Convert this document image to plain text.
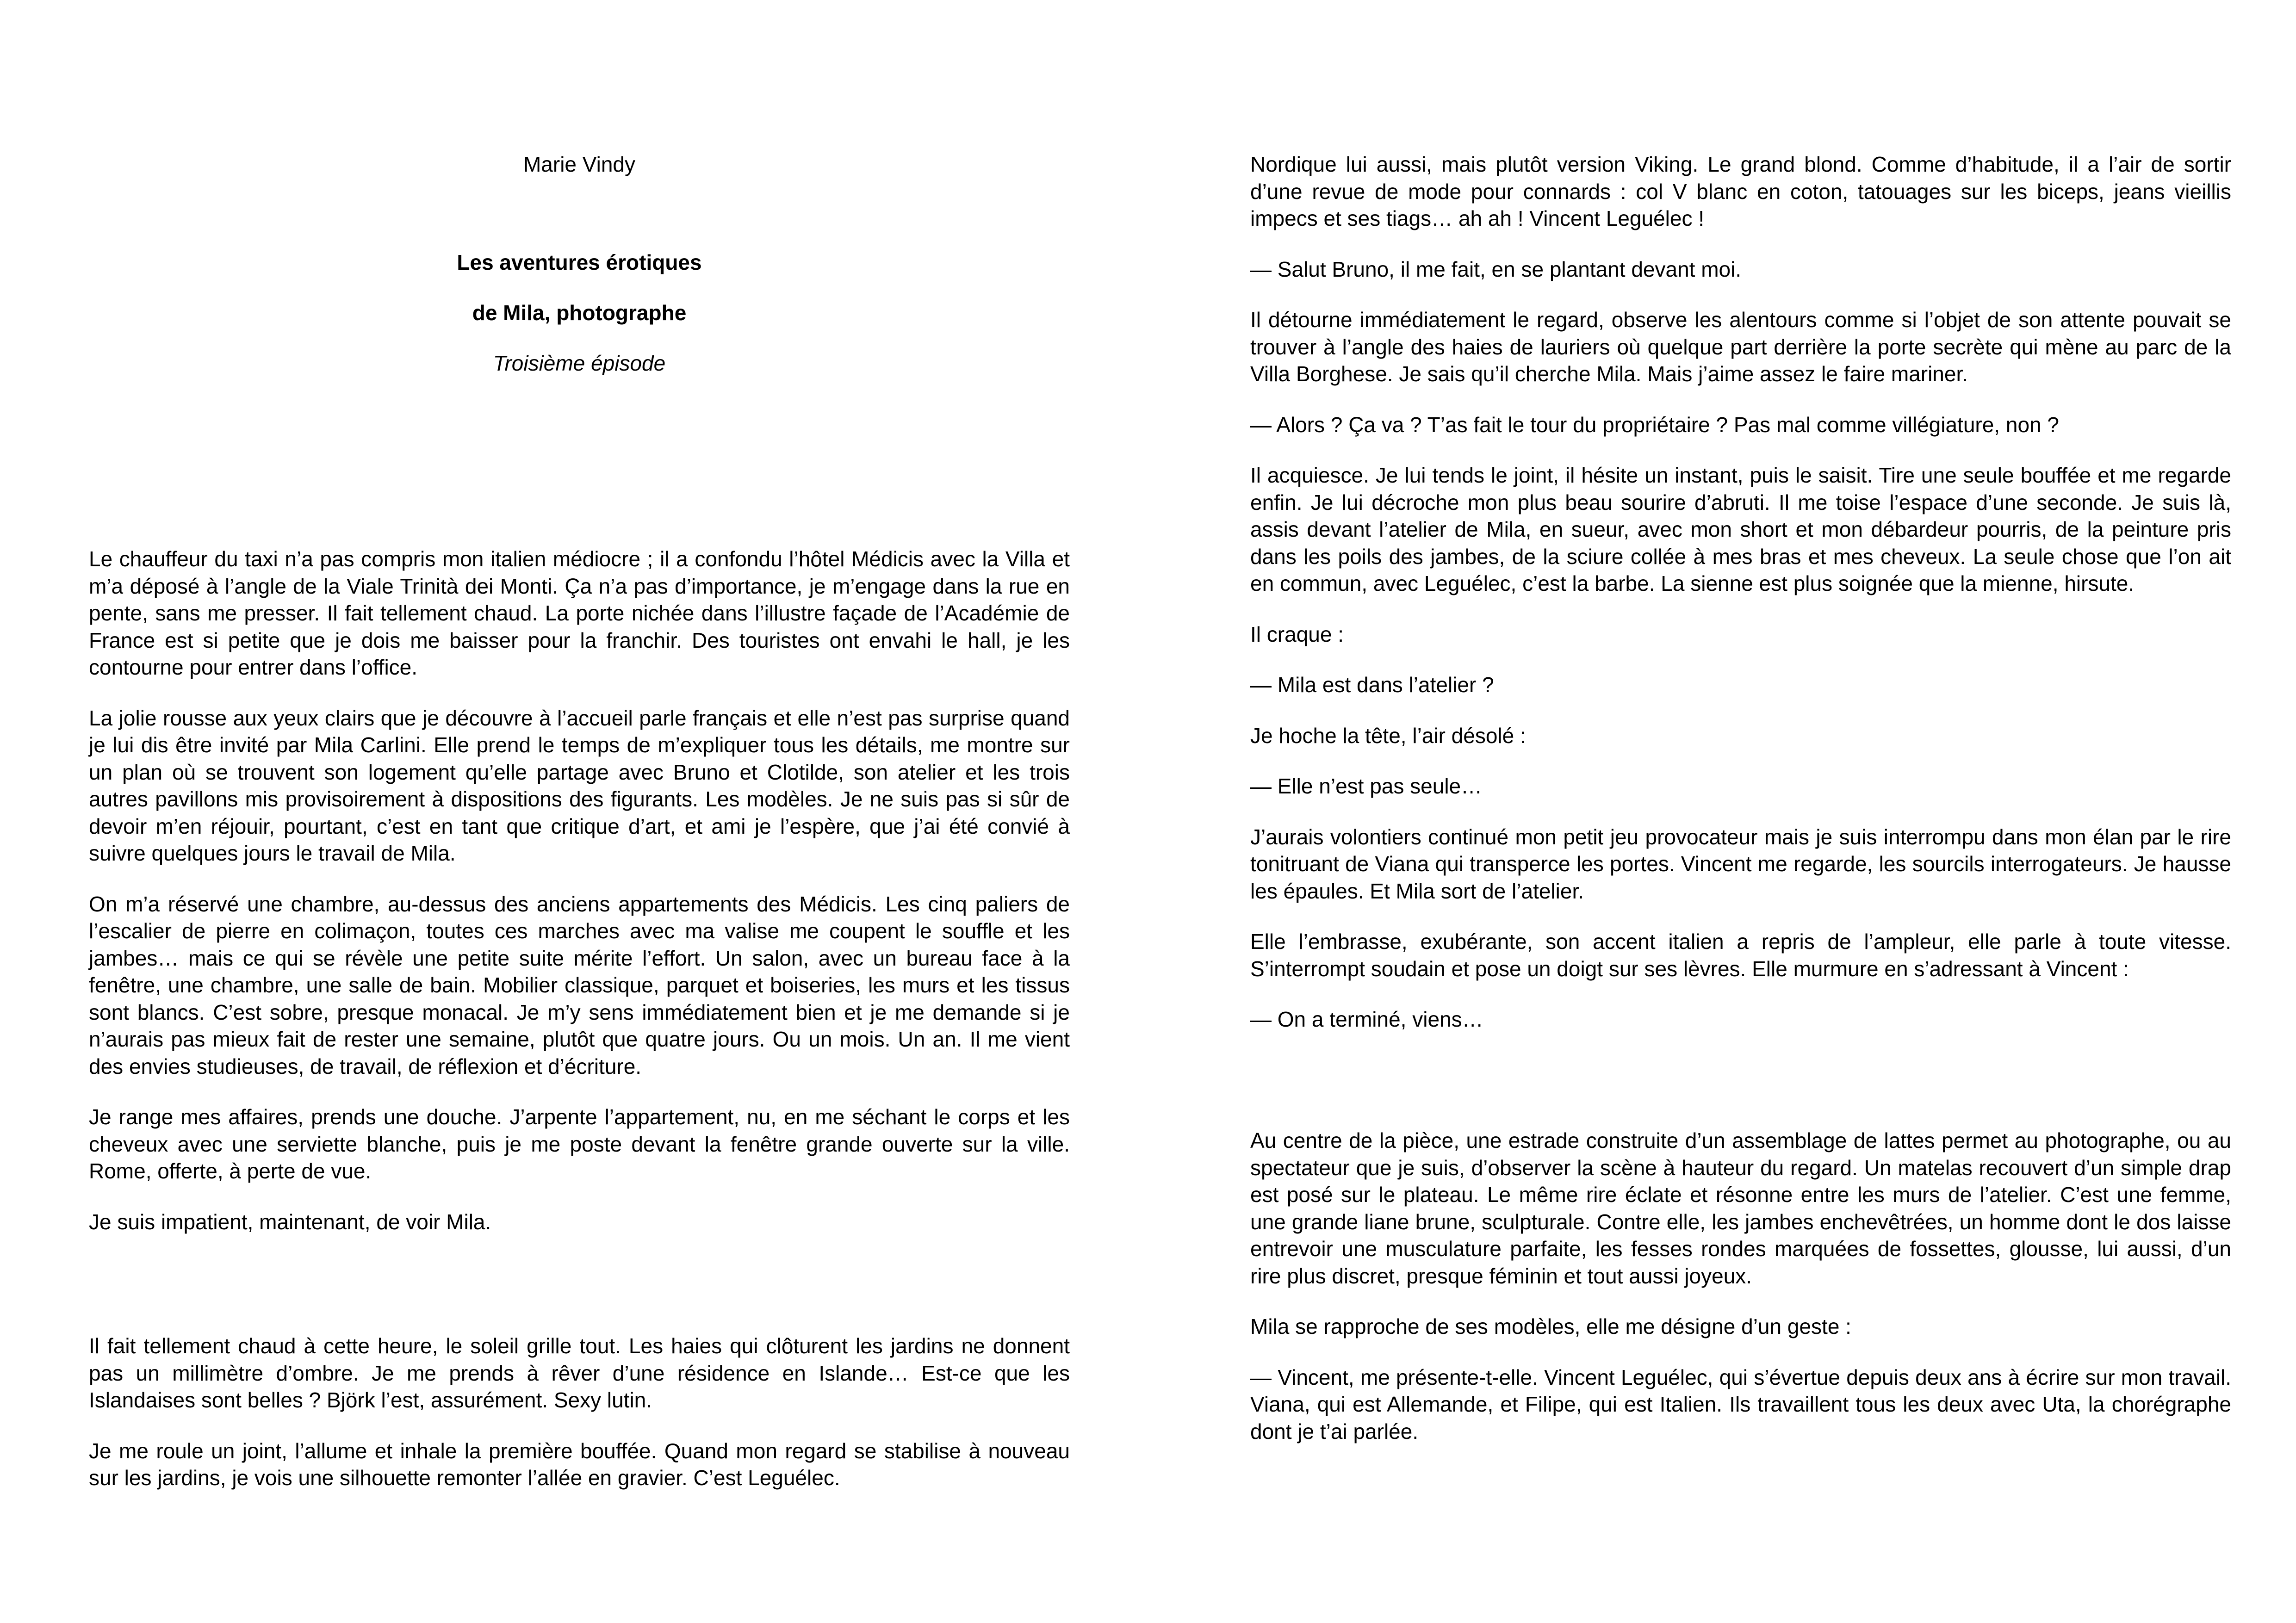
Marie Vindy
Les aventures érotiques
de Mila, photographe
Troisième épisode

Le chauffeur du taxi n’a pas compris mon italien médiocre ; il a confondu l’hôtel Médicis avec la Villa et m’a déposé à l’angle de la Viale Trinità dei Monti. Ça n’a pas d’importance, je m’engage dans la rue en pente, sans me presser. Il fait tellement chaud. La porte nichée dans l’illustre façade de l’Académie de France est si petite que je dois me baisser pour la franchir. Des touristes ont envahi le hall, je les contourne pour entrer dans l’office.

La jolie rousse aux yeux clairs que je découvre à l’accueil parle français et elle n’est pas surprise quand je lui dis être invité par Mila Carlini. Elle prend le temps de m’expliquer tous les détails, me montre sur un plan où se trouvent son logement qu’elle partage avec Bruno et Clotilde, son atelier et les trois autres pavillons mis provisoirement à dispositions des figurants. Les modèles. Je ne suis pas si sûr de devoir m’en réjouir, pourtant, c’est en tant que critique d’art, et ami je l’espère, que j’ai été convié à suivre quelques jours le travail de Mila.

On m’a réservé une chambre, au-dessus des anciens appartements des Médicis. Les cinq paliers de l’escalier de pierre en colimaçon, toutes ces marches avec ma valise me coupent le souffle et les jambes… mais ce qui se révèle une petite suite mérite l’effort. Un salon, avec un bureau face à la fenêtre, une chambre, une salle de bain. Mobilier classique, parquet et boiseries, les murs et les tissus sont blancs. C’est sobre, presque monacal. Je m’y sens immédiatement bien et je me demande si je n’aurais pas mieux fait de rester une semaine, plutôt que quatre jours. Ou un mois. Un an. Il me vient des envies studieuses, de travail, de réflexion et d’écriture.

Je range mes affaires, prends une douche. J’arpente l’appartement, nu, en me séchant le corps et les cheveux avec une serviette blanche, puis je me poste devant la fenêtre grande ouverte sur la ville. Rome, offerte, à perte de vue.

Je suis impatient, maintenant, de voir Mila.

Il fait tellement chaud à cette heure, le soleil grille tout. Les haies qui clôturent les jardins ne donnent pas un millimètre d’ombre. Je me prends à rêver d’une résidence en Islande… Est-ce que les Islandaises sont belles ? Björk l’est, assurément. Sexy lutin.

Je me roule un joint, l’allume et inhale la première bouffée. Quand mon regard se stabilise à nouveau sur les jardins, je vois une silhouette remonter l’allée en gravier. C’est Leguélec.

Nordique lui aussi, mais plutôt version Viking. Le grand blond. Comme d’habitude, il a l’air de sortir d’une revue de mode pour connards : col V blanc en coton, tatouages sur les biceps, jeans vieillis impecs et ses tiags… ah ah ! Vincent Leguélec !

— Salut Bruno, il me fait, en se plantant devant moi.

Il détourne immédiatement le regard, observe les alentours comme si l’objet de son attente pouvait se trouver à l’angle des haies de lauriers où quelque part derrière la porte secrète qui mène au parc de la Villa Borghese. Je sais qu’il cherche Mila. Mais j’aime assez le faire mariner.

— Alors ? Ça va ? T’as fait le tour du propriétaire ? Pas mal comme villégiature, non ?

Il acquiesce. Je lui tends le joint, il hésite un instant, puis le saisit. Tire une seule bouffée et me regarde enfin. Je lui décroche mon plus beau sourire d’abruti. Il me toise l’espace d’une seconde. Je suis là, assis devant l’atelier de Mila, en sueur, avec mon short et mon débardeur pourris, de la peinture pris dans les poils des jambes, de la sciure collée à mes bras et mes cheveux. La seule chose que l’on ait en commun, avec Leguélec, c’est la barbe. La sienne est plus soignée que la mienne, hirsute.

Il craque :

— Mila est dans l’atelier ?

Je hoche la tête, l’air désolé :

— Elle n’est pas seule…

J’aurais volontiers continué mon petit jeu provocateur mais je suis interrompu dans mon élan par le rire tonitruant de Viana qui transperce les portes. Vincent me regarde, les sourcils interrogateurs. Je hausse les épaules. Et Mila sort de l’atelier.

Elle l’embrasse, exubérante, son accent italien a repris de l’ampleur, elle parle à toute vitesse. S’interrompt soudain et pose un doigt sur ses lèvres. Elle murmure en s’adressant à Vincent :

— On a terminé, viens…

Au centre de la pièce, une estrade construite d’un assemblage de lattes permet au photographe, ou au spectateur que je suis, d’observer la scène à hauteur du regard. Un matelas recouvert d’un simple drap est posé sur le plateau. Le même rire éclate et résonne entre les murs de l’atelier. C’est une femme, une grande liane brune, sculpturale. Contre elle, les jambes enchevêtrées, un homme dont le dos laisse entrevoir une musculature parfaite, les fesses rondes marquées de fossettes, glousse, lui aussi, d’un rire plus discret, presque féminin et tout aussi joyeux.

Mila se rapproche de ses modèles, elle me désigne d’un geste :

— Vincent, me présente-t-elle. Vincent Leguélec, qui s’évertue depuis deux ans à écrire sur mon travail. Viana, qui est Allemande, et Filipe, qui est Italien. Ils travaillent tous les deux avec Uta, la chorégraphe dont je t’ai parlée.
